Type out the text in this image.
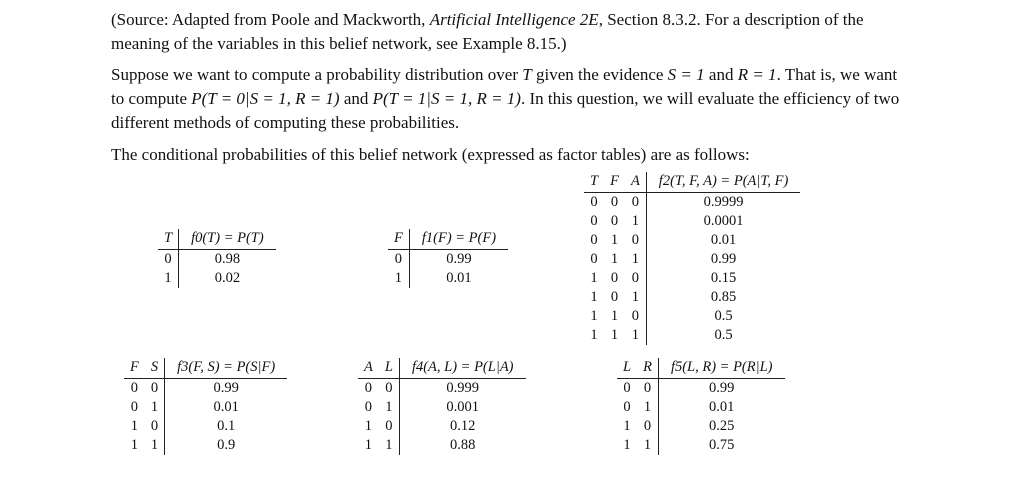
(Source: Adapted from Poole and Mackworth, Artificial Intelligence 2E, Section 8.3.2. For a description of the meaning of the variables in this belief network, see Example 8.15.)

Suppose we want to compute a probability distribution over T given the evidence S = 1 and R = 1. That is, we want to compute P(T = 0|S = 1, R = 1) and P(T = 1|S = 1, R = 1). In this question, we will evaluate the efficiency of two different methods of computing these probabilities.

The conditional probabilities of this belief network (expressed as factor tables) are as follows:

T	F	A	f2(T, F, A) = P(A|T, F)
0	0	0	0.9999
0	0	1	0.0001
0	1	0	0.01
0	1	1	0.99
1	0	0	0.15
1	0	1	0.85
1	1	0	0.5
1	1	1	0.5
T	f0(T) = P(T)
0	0.98
1	0.02
F	f1(F) = P(F)
0	0.99
1	0.01
F	S	f3(F, S) = P(S|F)
0	0	0.99
0	1	0.01
1	0	0.1
1	1	0.9
A	L	f4(A, L) = P(L|A)
0	0	0.999
0	1	0.001
1	0	0.12
1	1	0.88
L	R	f5(L, R) = P(R|L)
0	0	0.99
0	1	0.01
1	0	0.25
1	1	0.75
